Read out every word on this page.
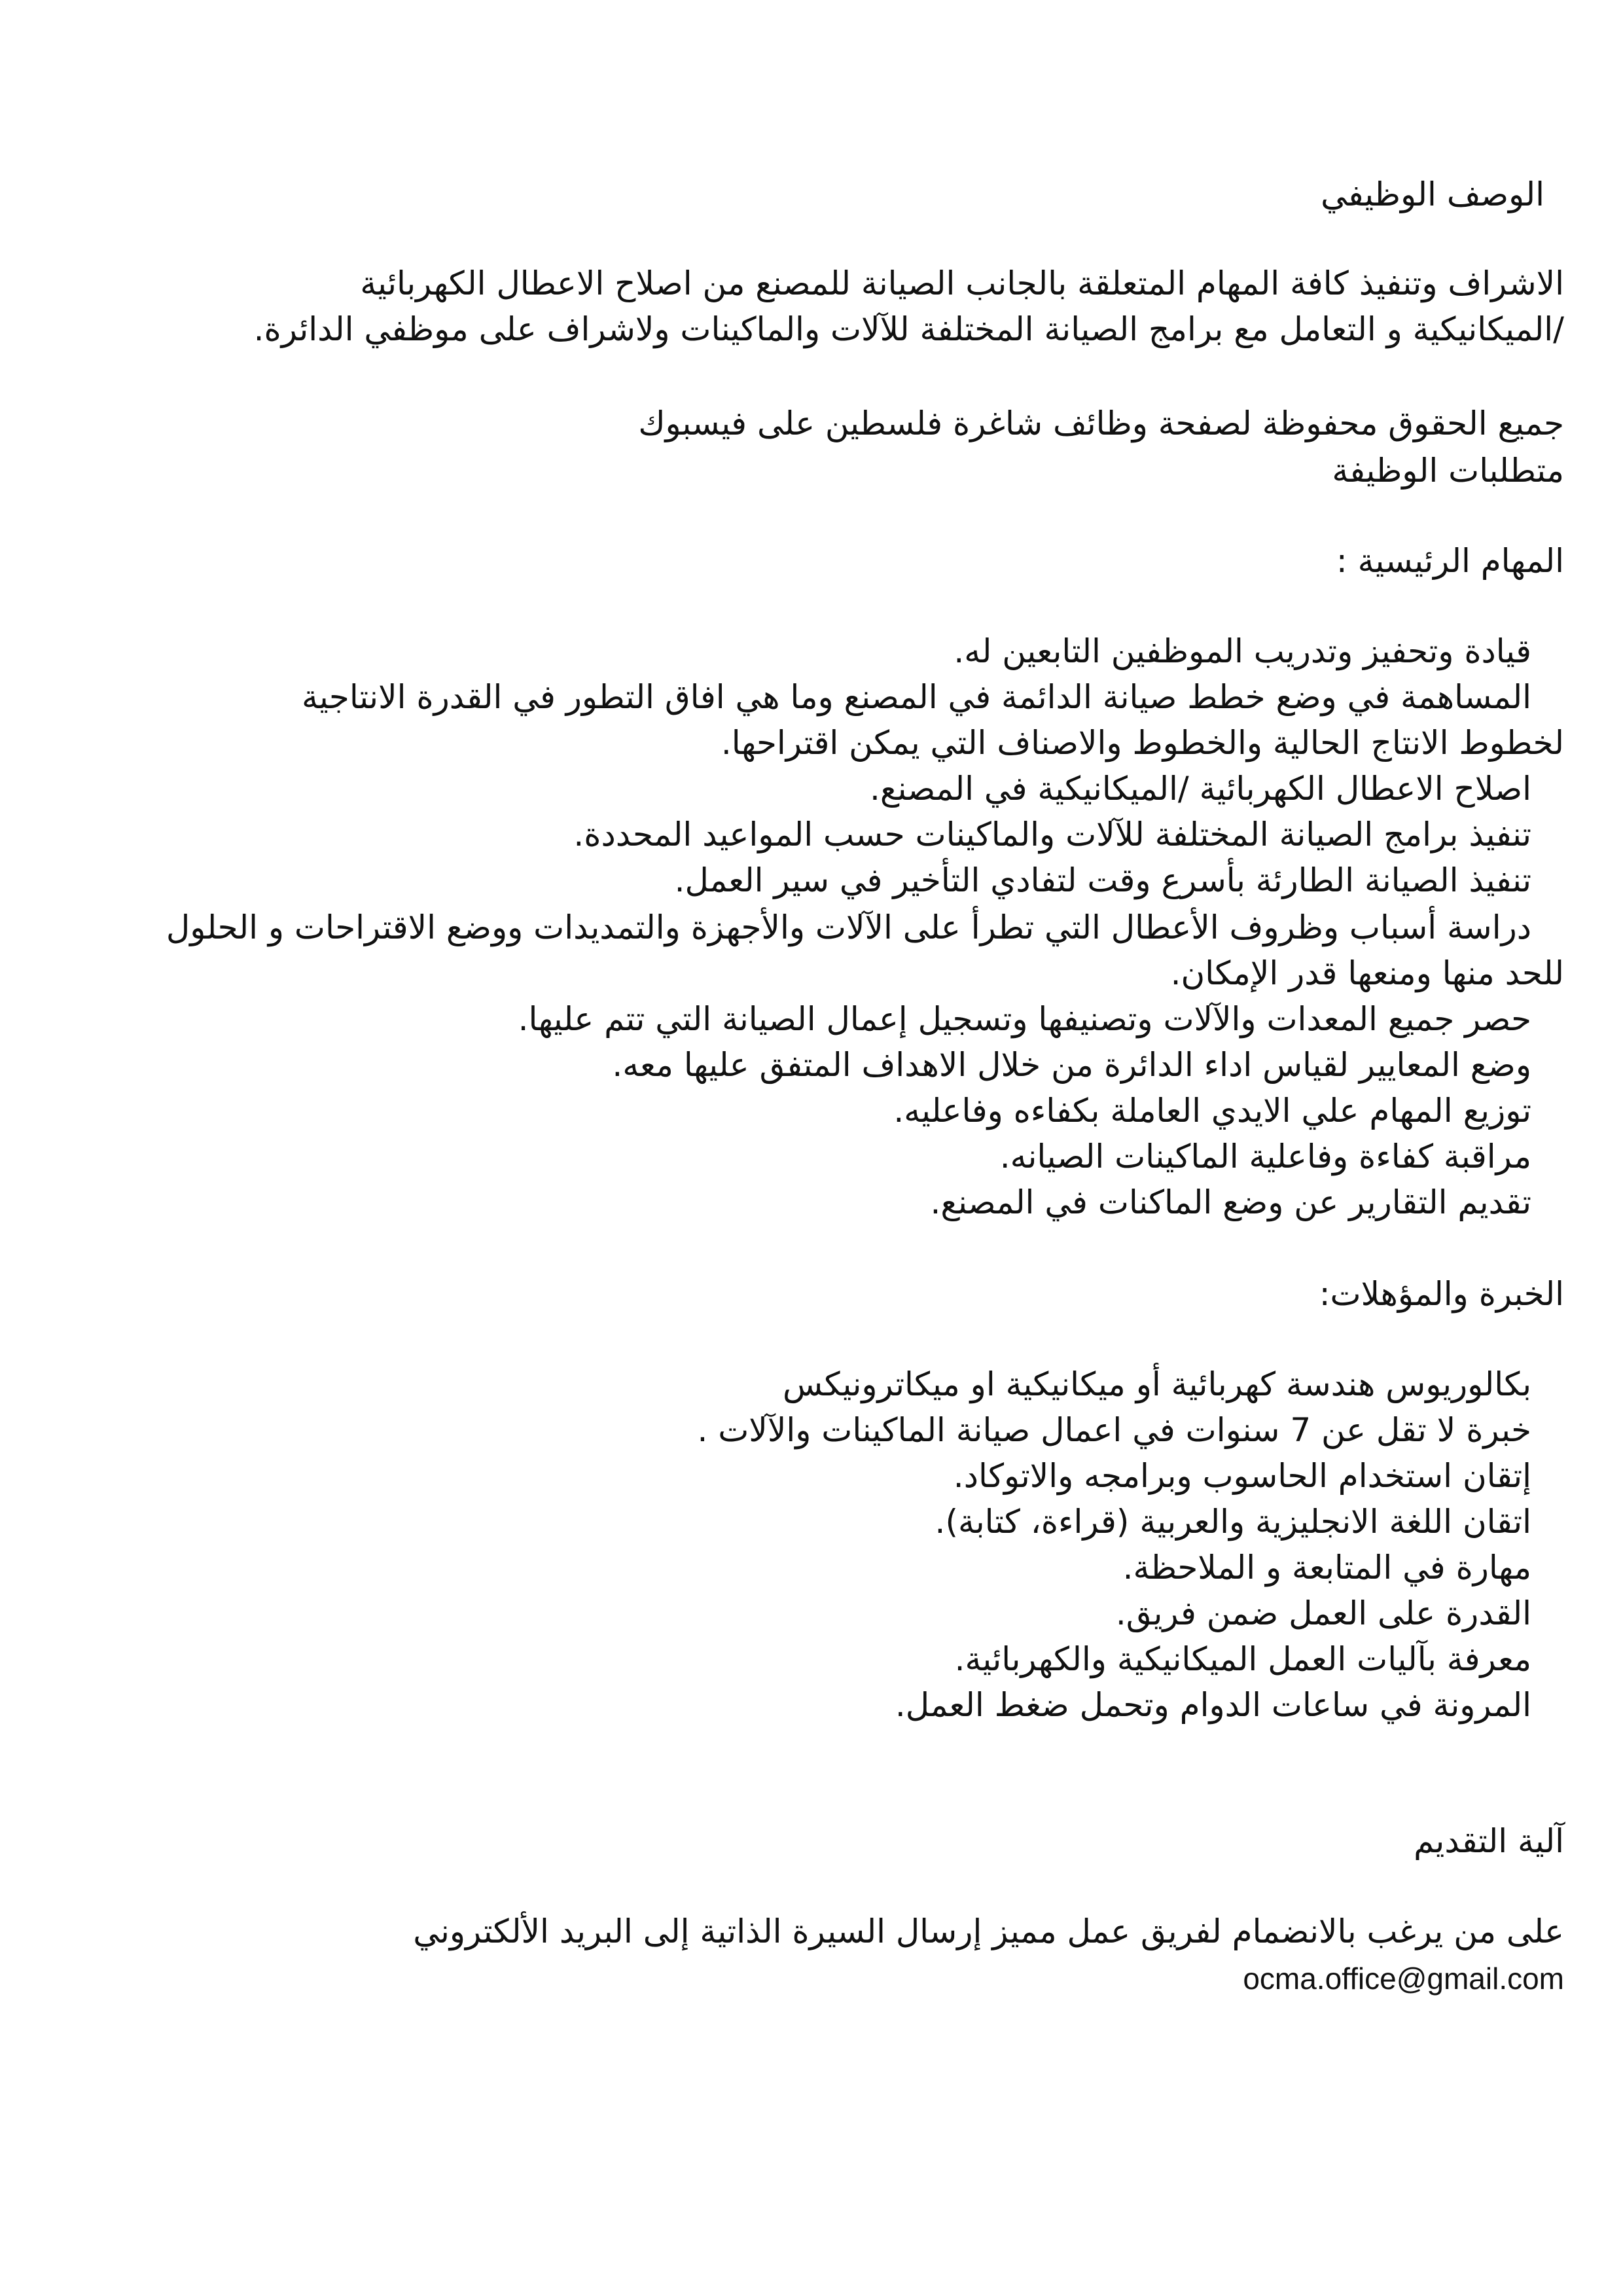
الوصف الوظيفي
الاشراف وتنفيذ كافة المهام المتعلقة بالجانب الصيانة للمصنع من اصلاح الاعطال الكهربائية
/الميكانيكية و التعامل مع برامج الصيانة المختلفة للآلات والماكينات ولاشراف على موظفي الدائرة.
جميع الحقوق محفوظة لصفحة وظائف شاغرة فلسطين على فيسبوك
متطلبات الوظيفة
المهام الرئيسية :
قيادة وتحفيز وتدريب الموظفين التابعين له.
المساهمة في وضع خطط صيانة الدائمة في المصنع وما هي افاق التطور في القدرة الانتاجية
لخطوط الانتاج الحالية والخطوط والاصناف التي يمكن اقتراحها.
اصلاح الاعطال الكهربائية /الميكانيكية في المصنع.
تنفيذ برامج الصيانة المختلفة للآلات والماكينات حسب المواعيد المحددة.
تنفيذ الصيانة الطارئة بأسرع وقت لتفادي التأخير في سير العمل.
دراسة أسباب وظروف الأعطال التي تطرأ على الآلات والأجهزة والتمديدات ووضع الاقتراحات و الحلول
للحد منها ومنعها قدر الإمكان.
حصر جميع المعدات والآلات وتصنيفها وتسجيل إعمال الصيانة التي تتم عليها.
وضع المعايير لقياس اداء الدائرة من خلال الاهداف المتفق عليها معه.
توزيع المهام علي الايدي العاملة بكفاءه وفاعليه.
مراقبة كفاءة وفاعلية الماكينات الصيانه.
تقديم التقارير عن وضع الماكنات في المصنع.
الخبرة والمؤهلات:
بكالوريوس هندسة كهربائية أو ميكانيكية او ميكاترونيكس
خبرة لا تقل عن 7 سنوات في اعمال صيانة الماكينات والآلات .
إتقان استخدام الحاسوب وبرامجه والاتوكاد.
اتقان اللغة الانجليزية والعربية (قراءة، كتابة).
مهارة في المتابعة و الملاحظة.
القدرة على العمل ضمن فريق.
معرفة بآليات العمل الميكانيكية والكهربائية.
المرونة في ساعات الدوام وتحمل ضغط العمل.
آلية التقديم
على من يرغب بالانضمام لفريق عمل مميز إرسال السيرة الذاتية إلى البريد الألكتروني
ocma.office@gmail.com
